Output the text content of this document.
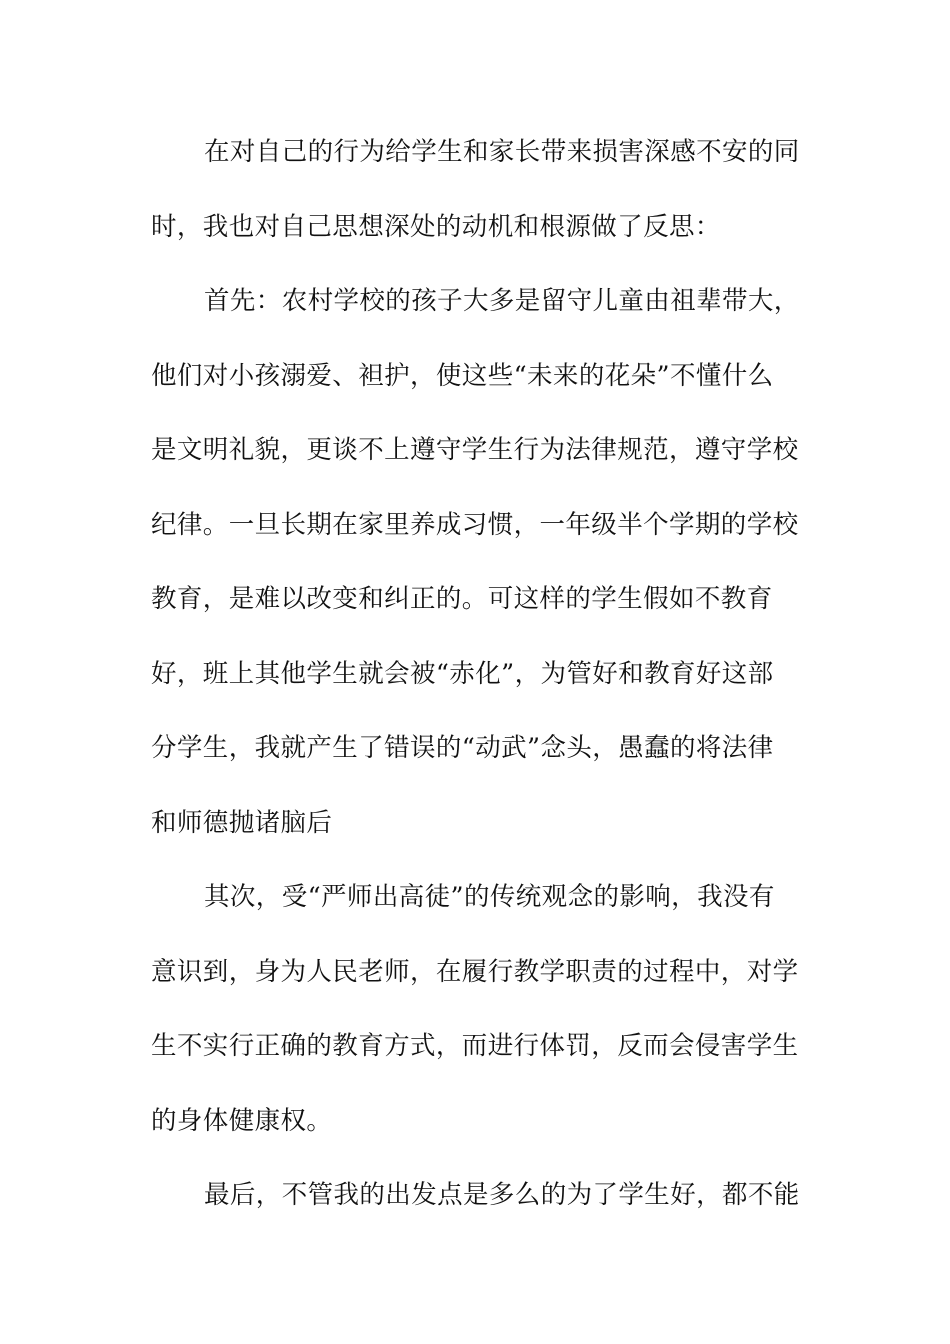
在对自己的行为给学生和家长带来损害深感不安的同
时，我也对自己思想深处的动机和根源做了反思：
首先：农村学校的孩子大多是留守儿童由祖辈带大，
他们对小孩溺爱、袒护，使这些“未来的花朵”不懂什么
是文明礼貌，更谈不上遵守学生行为法律规范，遵守学校
纪律。一旦长期在家里养成习惯，一年级半个学期的学校
教育，是难以改变和纠正的。可这样的学生假如不教育
好，班上其他学生就会被“赤化”，为管好和教育好这部
分学生，我就产生了错误的“动武”念头，愚蠢的将法律
和师德抛诸脑后
其次，受“严师出高徒”的传统观念的影响，我没有
意识到，身为人民老师，在履行教学职责的过程中，对学
生不实行正确的教育方式，而进行体罚，反而会侵害学生
的身体健康权。
最后，不管我的出发点是多么的为了学生好，都不能
